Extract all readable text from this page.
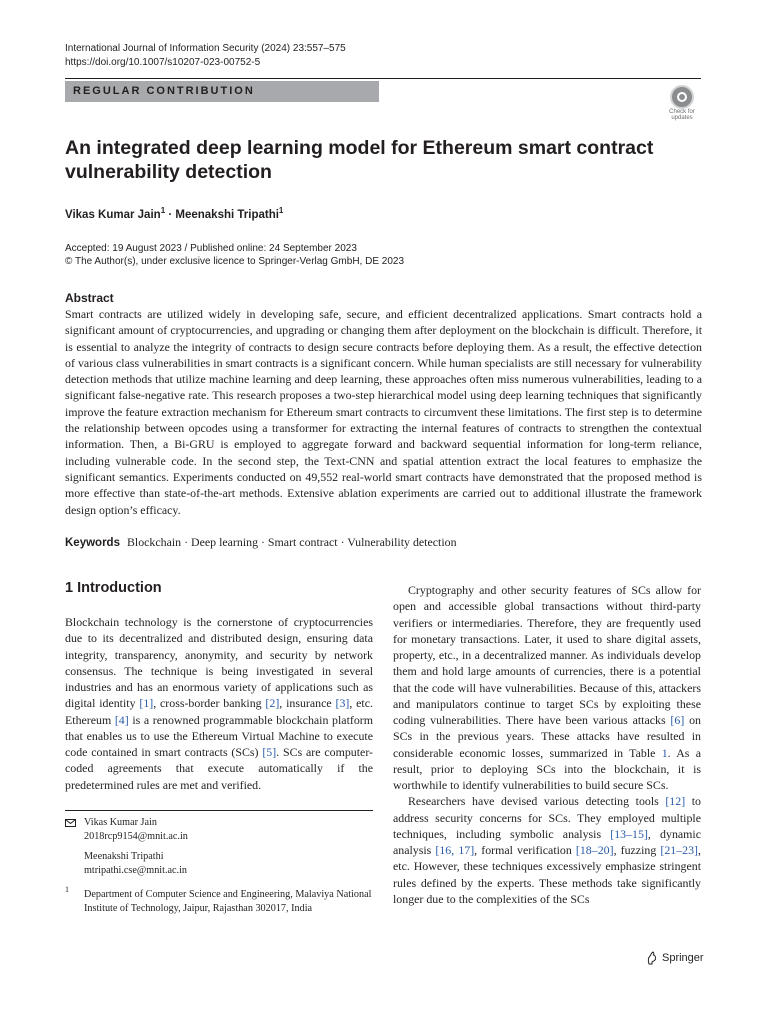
International Journal of Information Security (2024) 23:557–575
https://doi.org/10.1007/s10207-023-00752-5
REGULAR CONTRIBUTION
Check for
updates
An integrated deep learning model for Ethereum smart contract vulnerability detection
Vikas Kumar Jain$^1$ · Meenakshi Tripathi$^1$
Accepted: 19 August 2023 / Published online: 24 September 2023
© The Author(s), under exclusive licence to Springer-Verlag GmbH, DE 2023
Abstract
Smart contracts are utilized widely in developing safe, secure, and efficient decentralized applications. Smart contracts hold a significant amount of cryptocurrencies, and upgrading or changing them after deployment on the blockchain is difficult. Therefore, it is essential to analyze the integrity of contracts to design secure contracts before deploying them. As a result, the effective detection of various class vulnerabilities in smart contracts is a significant concern. While human specialists are still necessary for vulnerability detection methods that utilize machine learning and deep learning, these approaches often miss numerous vulnerabilities, leading to a significant false-negative rate. This research proposes a two-step hierarchical model using deep learning techniques that significantly improve the feature extraction mechanism for Ethereum smart contracts to circumvent these limitations. The first step is to determine the relationship between opcodes using a transformer for extracting the internal features of contracts to strengthen the contextual information. Then, a Bi-GRU is employed to aggregate forward and backward sequential information for long-term reliance, including vulnerable code. In the second step, the Text-CNN and spatial attention extract the local features to emphasize the significant semantics. Experiments conducted on 49,552 real-world smart contracts have demonstrated that the proposed method is more effective than state-of-the-art methods. Extensive ablation experiments are carried out to additional illustrate the framework design option’s efficacy.
Keywords Blockchain · Deep learning · Smart contract · Vulnerability detection
1 Introduction

Blockchain technology is the cornerstone of cryptocurrencies due to its decentralized and distributed design, ensuring data integrity, transparency, anonymity, and security by network consensus. The technique is being investigated in several industries and has an enormous variety of applications such as digital identity [1], cross-border banking [2], insurance [3], etc. Ethereum [4] is a renowned programmable blockchain platform that enables us to use the Ethereum Virtual Machine to execute code contained in smart contracts (SCs) [5]. SCs are computer-coded agreements that execute automatically if the predetermined rules are met and verified.

Cryptography and other security features of SCs allow for open and accessible global transactions without third-party verifiers or intermediaries. Therefore, they are frequently used for monetary transactions. Later, it used to share digital assets, property, etc., in a decentralized manner. As individuals develop them and hold large amounts of currencies, there is a potential that the code will have vulnerabilities. Because of this, attackers and manipulators continue to target SCs by exploiting these coding vulnerabilities. There have been various attacks [6] on SCs in the previous years. These attacks have resulted in considerable economic losses, summarized in Table 1. As a result, prior to deploying SCs into the blockchain, it is worthwhile to identify vulnerabilities to build secure SCs.

Researchers have devised various detecting tools [12] to address security concerns for SCs. They employed multiple techniques, including symbolic analysis [13–15], dynamic analysis [16, 17], formal verification [18–20], fuzzing [21–23], etc. However, these techniques excessively emphasize stringent rules defined by the experts. These methods take significantly longer due to the complexities of the SCs

Vikas Kumar Jain
2018rcp9154@mnit.ac.in
Meenakshi Tripathi
mtripathi.cse@mnit.ac.in
1 Department of Computer Science and Engineering, Malaviya National Institute of Technology, Jaipur, Rajasthan 302017, India
Springer
